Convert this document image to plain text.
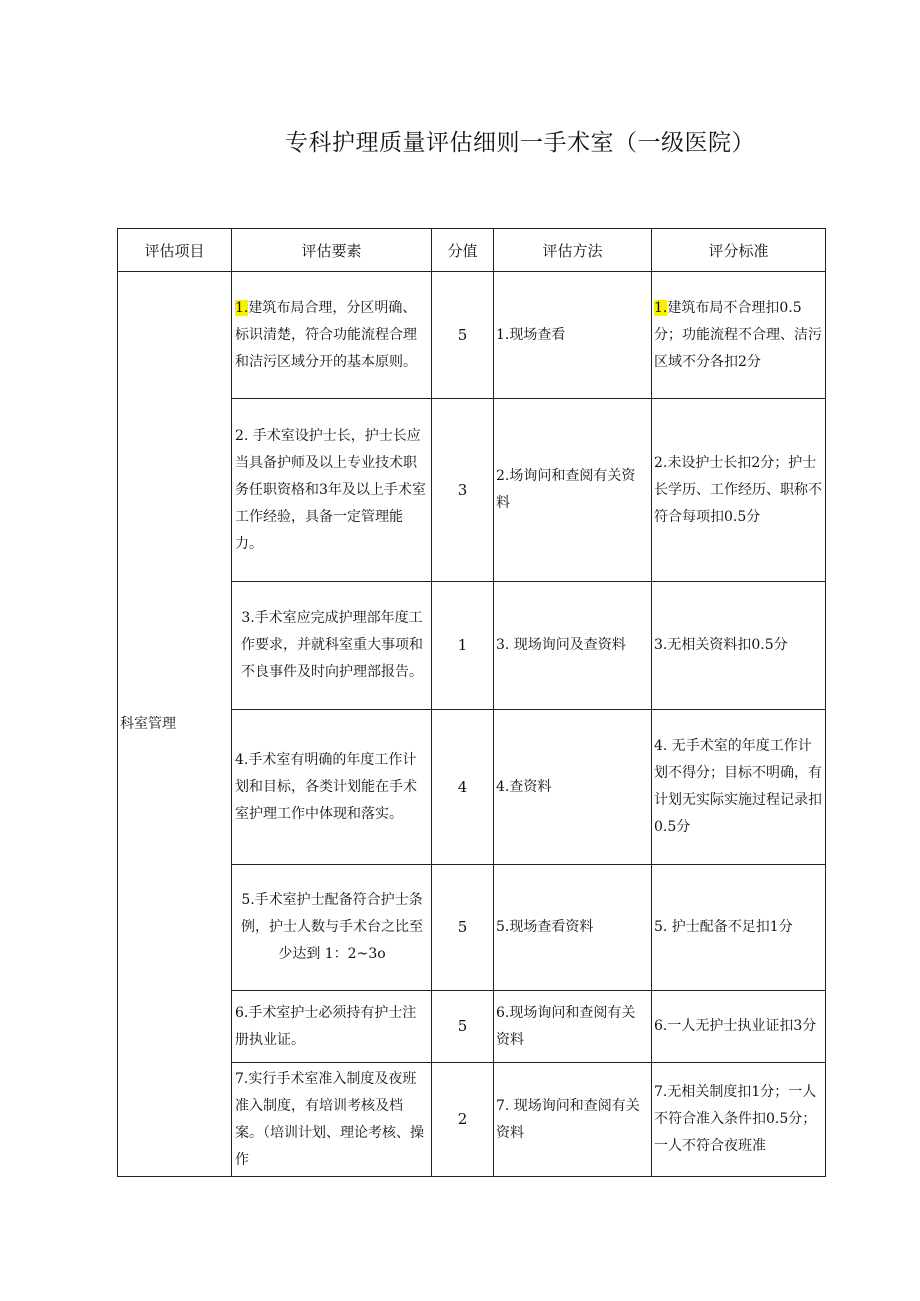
专科护理质量评估细则一手术室（一级医院）
评估项目	评估要素	分值	评估方法	评分标准
科室管理	1.建筑布局合理，分区明确、标识清楚，符合功能流程合理和洁污区域分开的基本原则。	5	1.现场查看	1.建筑布局不合理扣0.5分；功能流程不合理、洁污区域不分各扣2分
	2. 手术室设护士长，护士长应当具备护师及以上专业技术职务任职资格和3年及以上手术室工作经验，具备一定管理能力。	3	2.场询问和查阅有关资料	2.未设护士长扣2分；护士长学历、工作经历、职称不符合每项扣0.5分
	3.手术室应完成护理部年度工作要求，并就科室重大事项和不良事件及时向护理部报告。	1	3. 现场询问及查资料	3.无相关资料扣0.5分
	4.手术室有明确的年度工作计划和目标，各类计划能在手术室护理工作中体现和落实。	4	4.查资料	4. 无手术室的年度工作计划不得分；目标不明确，有计划无实际实施过程记录扣0.5分
	5.手术室护士配备符合护士条例，护士人数与手术台之比至少达到 1：2~3o	5	5.现场查看资料	5. 护士配备不足扣1分
	6.手术室护士必须持有护士注册执业证。	5	6.现场询问和查阅有关资料	6.一人无护士执业证扣3分
	7.实行手术室准入制度及夜班准入制度，有培训考核及档案。（培训计划、理论考核、操作	2	7. 现场询问和查阅有关资料	7.无相关制度扣1分；一人不符合准入条件扣0.5分；一人不符合夜班准
